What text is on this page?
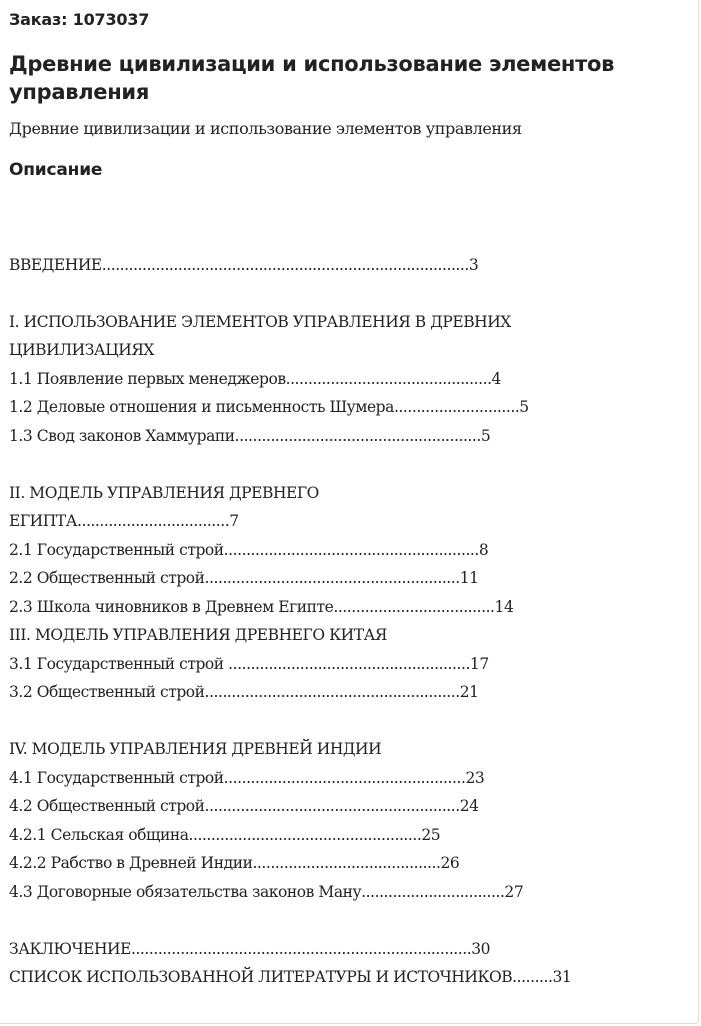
Заказ: 1073037
Древние цивилизации и использование элементов управления
Древние цивилизации и использование элементов управления
Описание
ВВЕДЕНИЕ..................................................................................3
I. ИСПОЛЬЗОВАНИЕ ЭЛЕМЕНТОВ УПРАВЛЕНИЯ В ДРЕВНИХ
ЦИВИЛИЗАЦИЯХ
1.1 Появление первых менеджеров..............................................4
1.2 Деловые отношения и письменность Шумера............................5
1.3 Свод законов Хаммурапи.......................................................5
II. МОДЕЛЬ УПРАВЛЕНИЯ ДРЕВНЕГО
ЕГИПТА..................................7
2.1 Государственный строй.........................................................8
2.2 Общественный строй.........................................................11
2.3 Школа чиновников в Древнем Египте....................................14
III. МОДЕЛЬ УПРАВЛЕНИЯ ДРЕВНЕГО КИТАЯ
3.1 Государственный строй ......................................................17
3.2 Общественный строй.........................................................21
IV. МОДЕЛЬ УПРАВЛЕНИЯ ДРЕВНЕЙ ИНДИИ
4.1 Государственный строй......................................................23
4.2 Общественный строй.........................................................24
4.2.1 Сельская община....................................................25
4.2.2 Рабство в Древней Индии..........................................26
4.3 Договорные обязательства законов Ману................................27
ЗАКЛЮЧЕНИЕ............................................................................30
СПИСОК ИСПОЛЬЗОВАННОЙ ЛИТЕРАТУРЫ И ИСТОЧНИКОВ.........31
